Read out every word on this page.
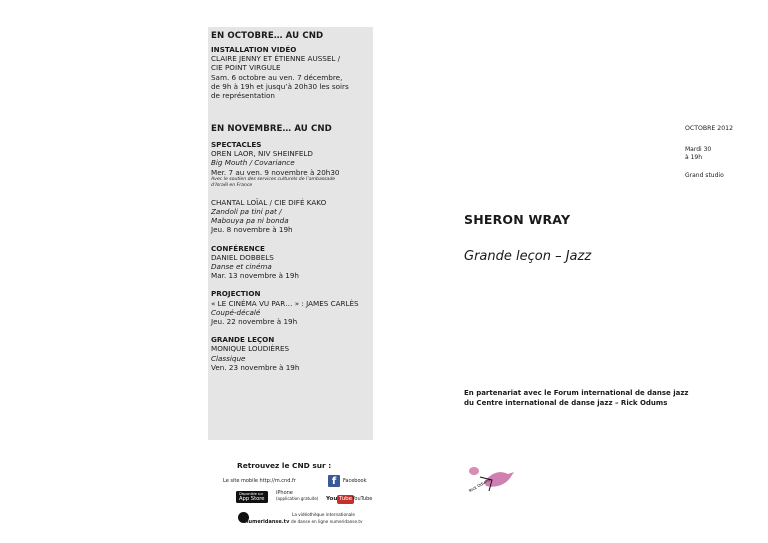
EN OCTOBRE… AU CND
INSTALLATION VIDÉO
CLAIRE JENNY ET ÉTIENNE AUSSEL /
CIE POINT VIRGULE
Sam. 6 octobre au ven. 7 décembre,
de 9h à 19h et jusqu’à 20h30 les soirs
de représentation
EN NOVEMBRE… AU CND
SPECTACLES
OREN LAOR, NIV SHEINFELD
Big Mouth / Covariance
Mer. 7 au ven. 9 novembre à 20h30
Avec le soutien des services culturels de l’ambassade
d’Israël en France
CHANTAL LOÏAL / CIE DIFÉ KAKO
Zandoli pa tini pat /
Mabouya pa ni bonda
Jeu. 8 novembre à 19h
CONFÉRENCE
DANIEL DOBBELS
Danse et cinéma
Mar. 13 novembre à 19h
PROJECTION
« LE CINÉMA VU PAR… » : JAMES CARLÈS
Coupé-décalé
Jeu. 22 novembre à 19h
GRANDE LEÇON
MONIQUE LOUDIÈRES
Classique
Ven. 23 novembre à 19h
OCTOBRE 2012
Mardi 30
à 19h
Grand studio
SHERON WRAY
Grande leçon – Jazz
En partenariat avec le Forum international de danse jazz
du Centre international de danse jazz – Rick Odums
Rick Odums
Retrouvez le CND sur :
Le site mobile http://m.cnd.fr	f	Facebook
Disponible sur
App Store
iPhone
(application gratuite) You Tube YouTube
La vidéothèque internationale
numeridanse.tv de danse en ligne numeridanse.tv
